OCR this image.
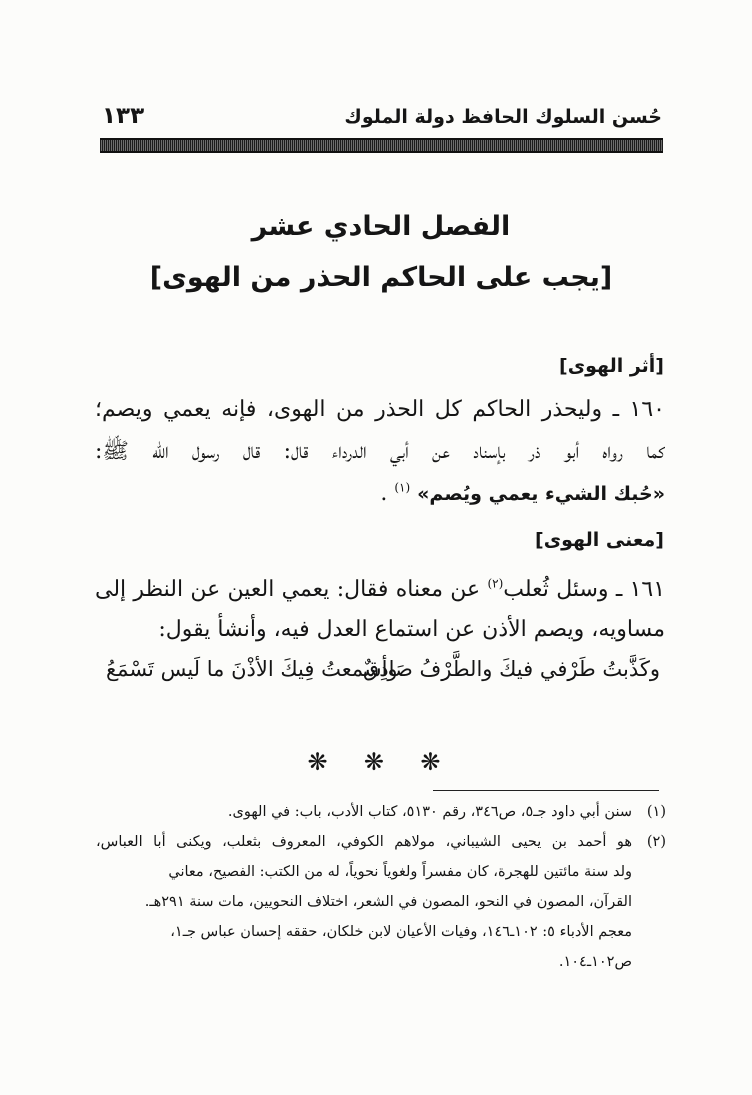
حُسن السلوك الحافظ دولة الملوك
١٣٣
الفصل الحادي عشر
[يجب على الحاكم الحذر من الهوى]
[أثر الهوى]
١٦٠ ـ وليحذر الحاكم كل الحذر من الهوى، فإنه يعمي ويصم؛
كما رواه أبو ذر بإسناد عن أبي الدرداء قال: قال رسول الله ﷺ:
«حُبك الشيء يعمي ويُصم» $^{(١)}$ .
[معنى الهوى]
١٦١ ـ وسئل ثُعلب$^{(٢)}$ عن معناه فقال: يعمي العين عن النظر إلى
مساويه، ويصم الأذن عن استماع العدل فيه، وأنشأ يقول:
وكَذَّبتُ طَرْفي فيكَ والطَّرْفُ صَادِقٌ
وأسمعتُ فِيكَ الأذْنَ ما لَيس تَسْمَعُ
❋ ❋ ❋
(١)سنن أبي داود جـ٥، ص٣٤٦، رقم ٥١٣٠، كتاب الأدب، باب: في الهوى.
(٢)هو أحمد بن يحيى الشيباني، مولاهم الكوفي، المعروف بثعلب، ويكنى أبا العباس،
ولد سنة مائتين للهجرة، كان مفسراً ولغوياً نحوياً، له من الكتب: الفصيح، معاني
القرآن، المصون في النحو، المصون في الشعر، اختلاف النحويين، مات سنة ٢٩١هـ.
معجم الأدباء ٥: ١٠٢ـ١٤٦، وفيات الأعيان لابن خلكان، حققه إحسان عباس جـ١،
ص١٠٢ـ١٠٤.
